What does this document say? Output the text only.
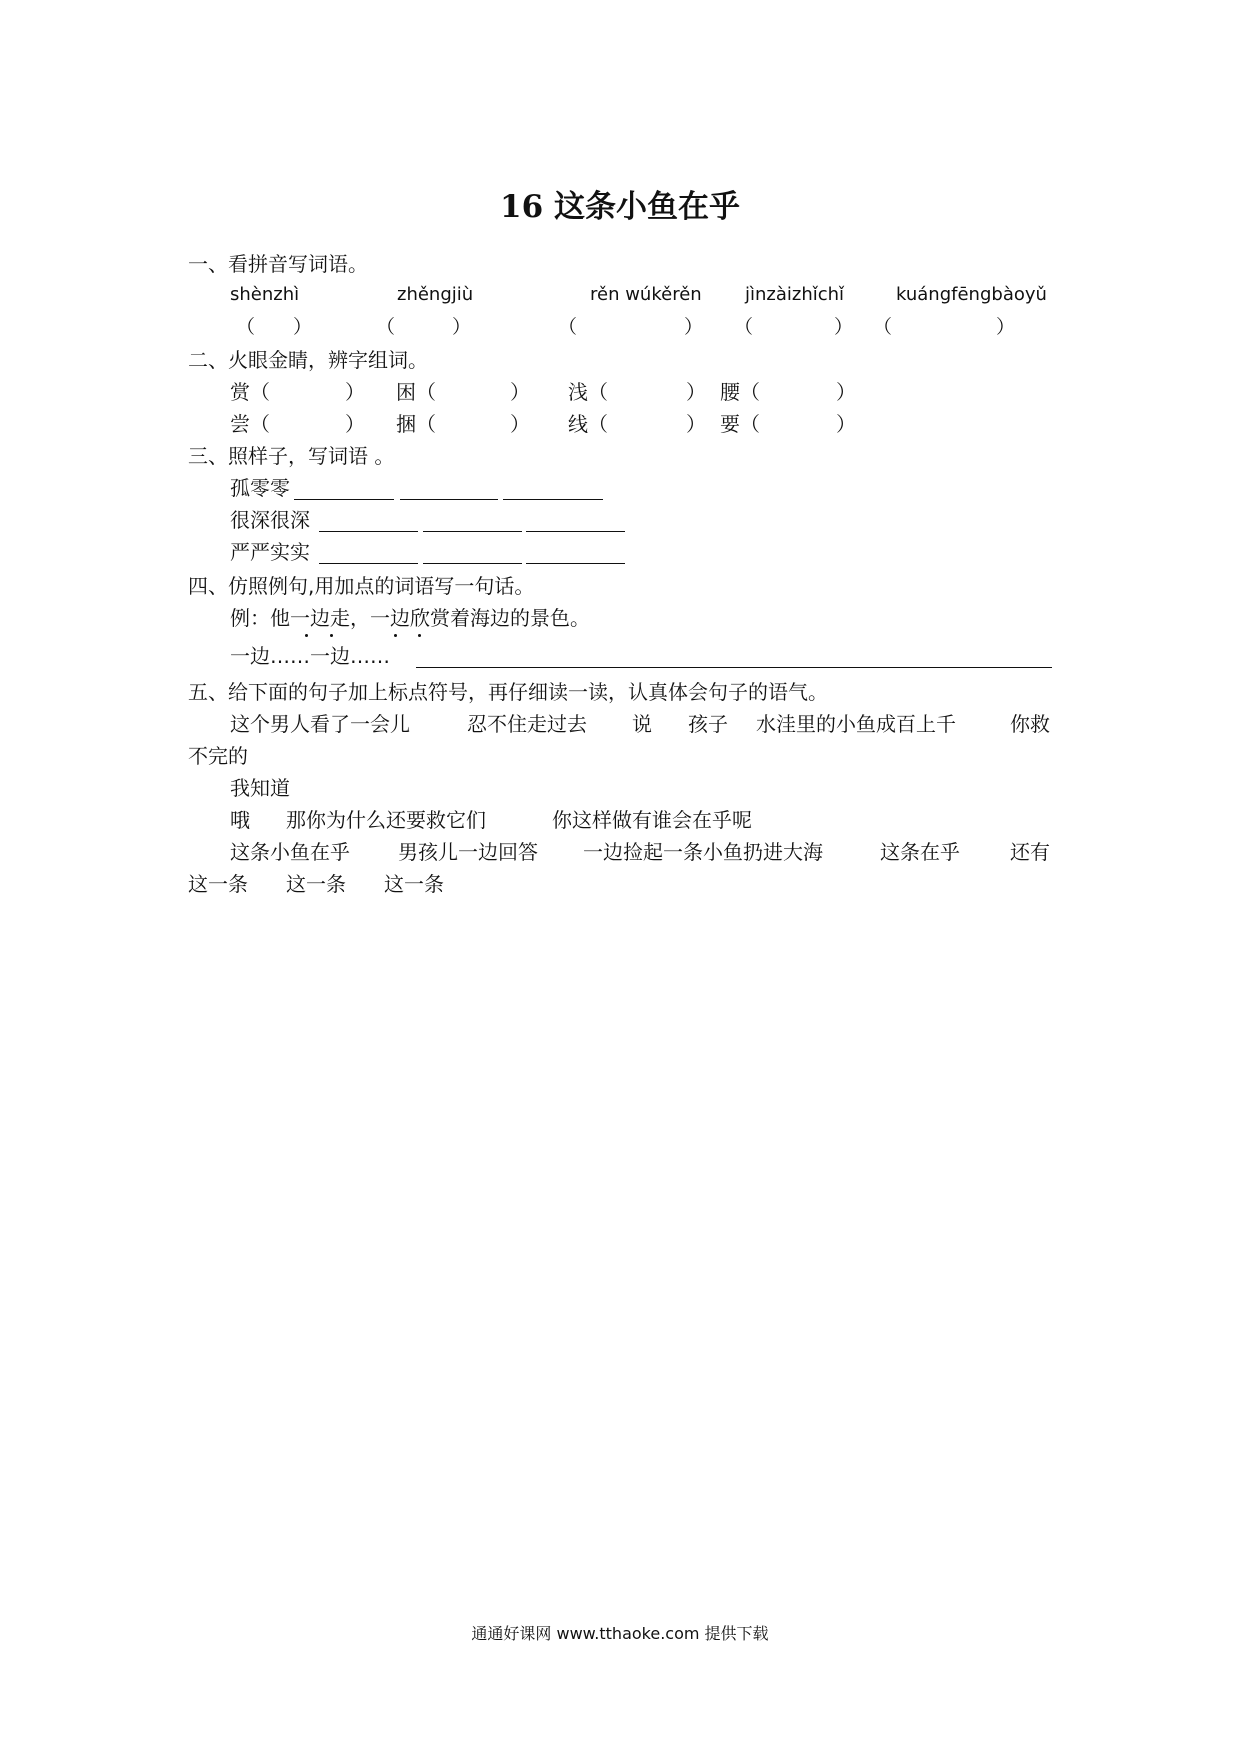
16 这条小鱼在乎
一、看拼音写词语。
shènzhì	zhěngjiù	rěn wúkěrěn jìnzàizhǐchǐ	kuángfēngbàoyǔ
（ ）	（	）	（	） （	） （	）
二、火眼金睛，辨字组词。
赏（	） 困（	） 浅（	） 腰（	）
尝（	） 捆（	） 线（	） 要（	）
三、照样子，写词语 。
孤零零
很深很深
严严实实
四、仿照例句,用加点的词语写一句话。
例：他一边走，一边欣赏着海边的景色。
一边……一边……
五、给下面的句子加上标点符号，再仔细读一读，认真体会句子的语气。
这个男人看了一会儿	忍不住走过去 说 孩子 水洼里的小鱼成百上千	你救
不完的
我知道
哦 那你为什么还要救它们	你这样做有谁会在乎呢
这条小鱼在乎 男孩儿一边回答 一边捡起一条小鱼扔进大海	这条在乎	还有
这一条 这一条 这一条
通通好课网 www.tthaoke.com 提供下载
